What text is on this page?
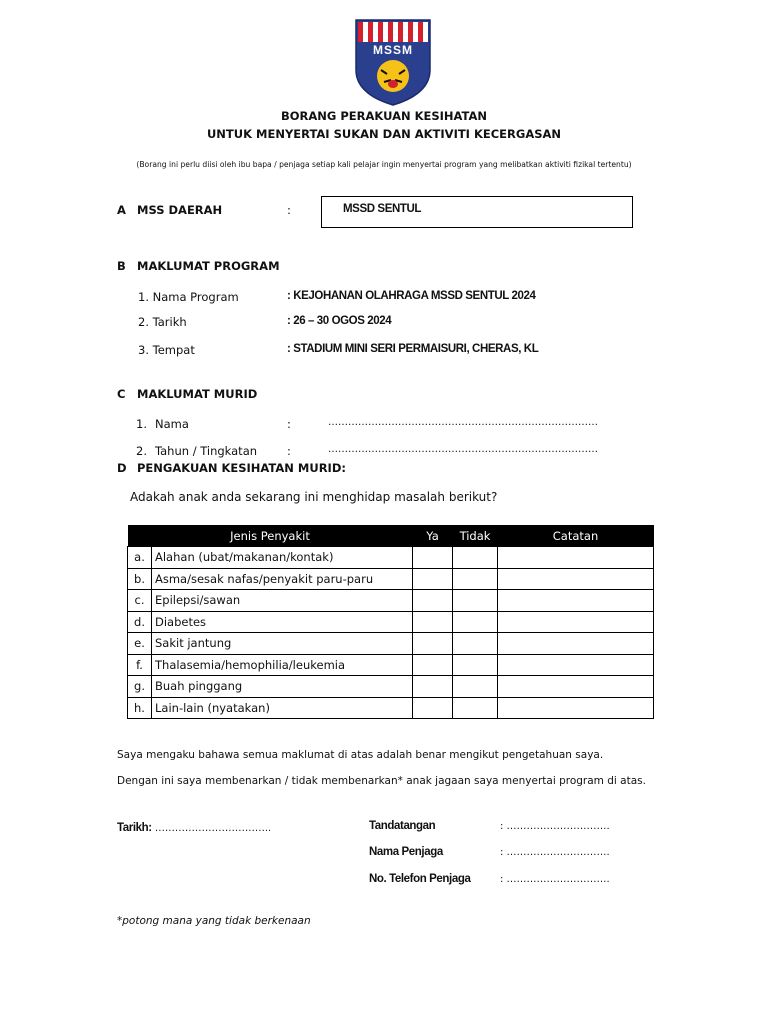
MSSM
BORANG PERAKUAN KESIHATAN
UNTUK MENYERTAI SUKAN DAN AKTIVITI KECERGASAN
(Borang ini perlu diisi oleh ibu bapa / penjaga setiap kali pelajar ingin menyertai program yang melibatkan aktiviti fizikal tertentu)
A MSS DAERAH	:	MSSD SENTUL
B MAKLUMAT PROGRAM
1. Nama Program	: KEJOHANAN OLAHRAGA MSSD SENTUL 2024
2. Tarikh	: 26 – 30 OGOS 2024
3. Tempat	: STADIUM MINI SERI PERMAISURI, CHERAS, KL
C MAKLUMAT MURID
1. Nama	:	………………………………………………………………………
2. Tahun / Tingkatan	:	………………………………………………………………………
D PENGAKUAN KESIHATAN MURID:
Adakah anak anda sekarang ini menghidap masalah berikut?
Jenis Penyakit		Ya	Tidak	Catatan
a.	Alahan (ubat/makanan/kontak)			
b.	Asma/sesak nafas/penyakit paru-paru			
c.	Epilepsi/sawan			
d.	Diabetes			
e.	Sakit jantung			
f.	Thalasemia/hemophilia/leukemia			
g.	Buah pinggang			
h.	Lain-lain (nyatakan)			
Saya mengaku bahawa semua maklumat di atas adalah benar mengikut pengetahuan saya.
Dengan ini saya membenarkan / tidak membenarkan* anak jagaan saya menyertai program di atas.
Tarikh: ……………………………..	Tandatangan	: ………………………….
Nama Penjaga	: ………………………….
No. Telefon Penjaga	: ………………………….
*potong mana yang tidak berkenaan
